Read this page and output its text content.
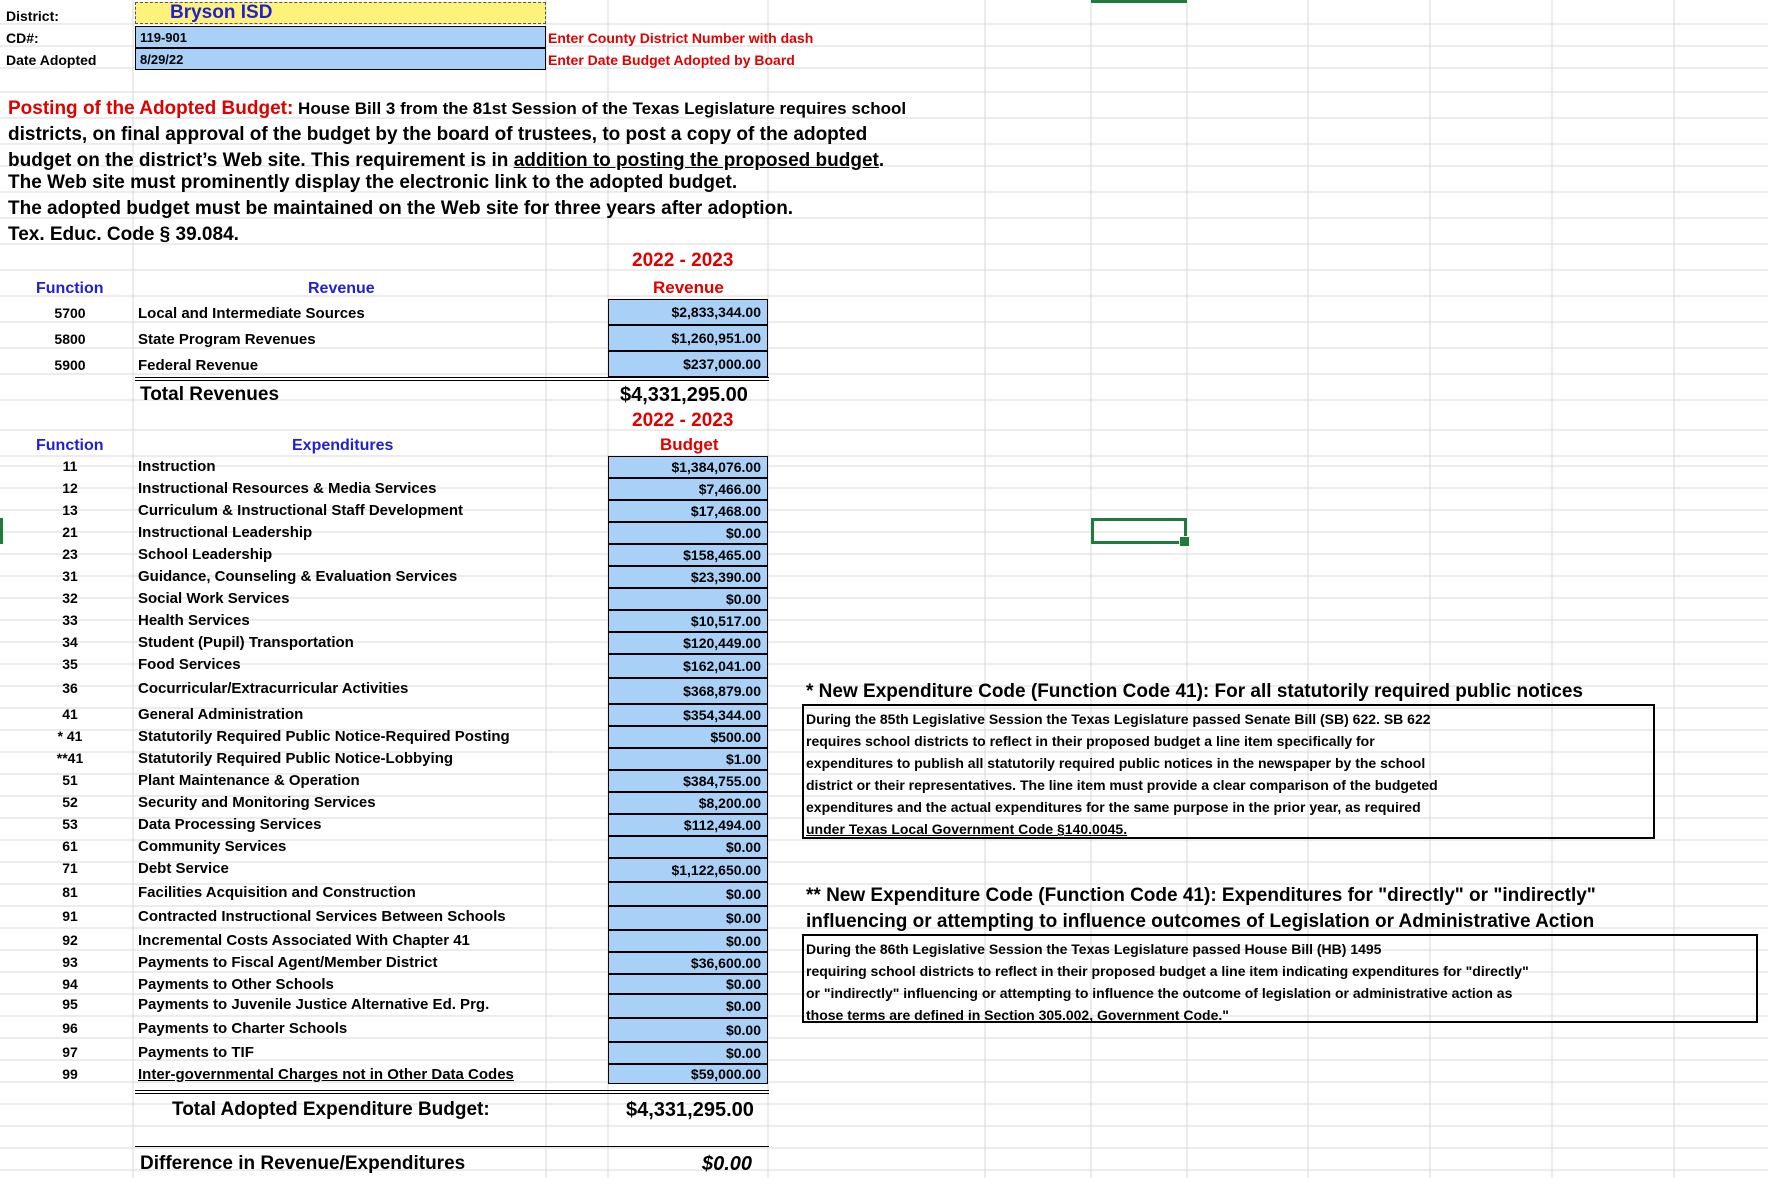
District:	Bryson ISD
CD#:	119-901	Enter County District Number with dash
Date Adopted	8/29/22	Enter Date Budget Adopted by Board
Posting of the Adopted Budget: House Bill 3 from the 81st Session of the Texas Legislature requires school
districts, on final approval of the budget by the board of trustees, to post a copy of the adopted
budget on the district’s Web site. This requirement is in addition to posting the proposed budget.
The Web site must prominently display the electronic link to the adopted budget.
The adopted budget must be maintained on the Web site for three years after adoption.
Tex. Educ. Code § 39.084.
2022 - 2023
Function	Revenue	Revenue
5700	Local and Intermediate Sources	$2,833,344.00
5800	State Program Revenues	$1,260,951.00
5900	Federal Revenue	$237,000.00
Total Revenues	$4,331,295.00
2022 - 2023
Function	Expenditures	Budget
11	Instruction	$1,384,076.00
12	Instructional Resources & Media Services	$7,466.00
13	Curriculum & Instructional Staff Development	$17,468.00
21	Instructional Leadership	$0.00
23	School Leadership	$158,465.00
31	Guidance, Counseling & Evaluation Services	$23,390.00
32	Social Work Services	$0.00
33	Health Services	$10,517.00
34	Student (Pupil) Transportation	$120,449.00
35	Food Services	$162,041.00
36	Cocurricular/Extracurricular Activities	$368,879.00
41	General Administration	$354,344.00
* 41	Statutorily Required Public Notice-Required Posting	$500.00
**41	Statutorily Required Public Notice-Lobbying	$1.00
51	Plant Maintenance & Operation	$384,755.00
52	Security and Monitoring Services	$8,200.00
53	Data Processing Services	$112,494.00
61	Community Services	$0.00
71	Debt Service	$1,122,650.00
81	Facilities Acquisition and Construction	$0.00
91	Contracted Instructional Services Between Schools	$0.00
92	Incremental Costs Associated With Chapter 41	$0.00
93	Payments to Fiscal Agent/Member District	$36,600.00
94	Payments to Other Schools	$0.00
95	Payments to Juvenile Justice Alternative Ed. Prg.	$0.00
96	Payments to Charter Schools	$0.00
97	Payments to TIF	$0.00
99	Inter-governmental Charges not in Other Data Codes	$59,000.00
Total Adopted Expenditure Budget:	$4,331,295.00
Difference in Revenue/Expenditures	$0.00
* New Expenditure Code (Function Code 41): For all statutorily required public notices
During the 85th Legislative Session the Texas Legislature passed Senate Bill (SB) 622. SB 622
requires school districts to reflect in their proposed budget a line item specifically for
expenditures to publish all statutorily required public notices in the newspaper by the school
district or their representatives. The line item must provide a clear comparison of the budgeted
expenditures and the actual expenditures for the same purpose in the prior year, as required
under Texas Local Government Code §140.0045.
** New Expenditure Code (Function Code 41): Expenditures for "directly" or "indirectly"
influencing or attempting to influence outcomes of Legislation or Administrative Action
During the 86th Legislative Session the Texas Legislature passed House Bill (HB) 1495
requiring school districts to reflect in their proposed budget a line item indicating expenditures for "directly"
or "indirectly" influencing or attempting to influence the outcome of legislation or administrative action as
those terms are defined in Section 305.002, Government Code."
